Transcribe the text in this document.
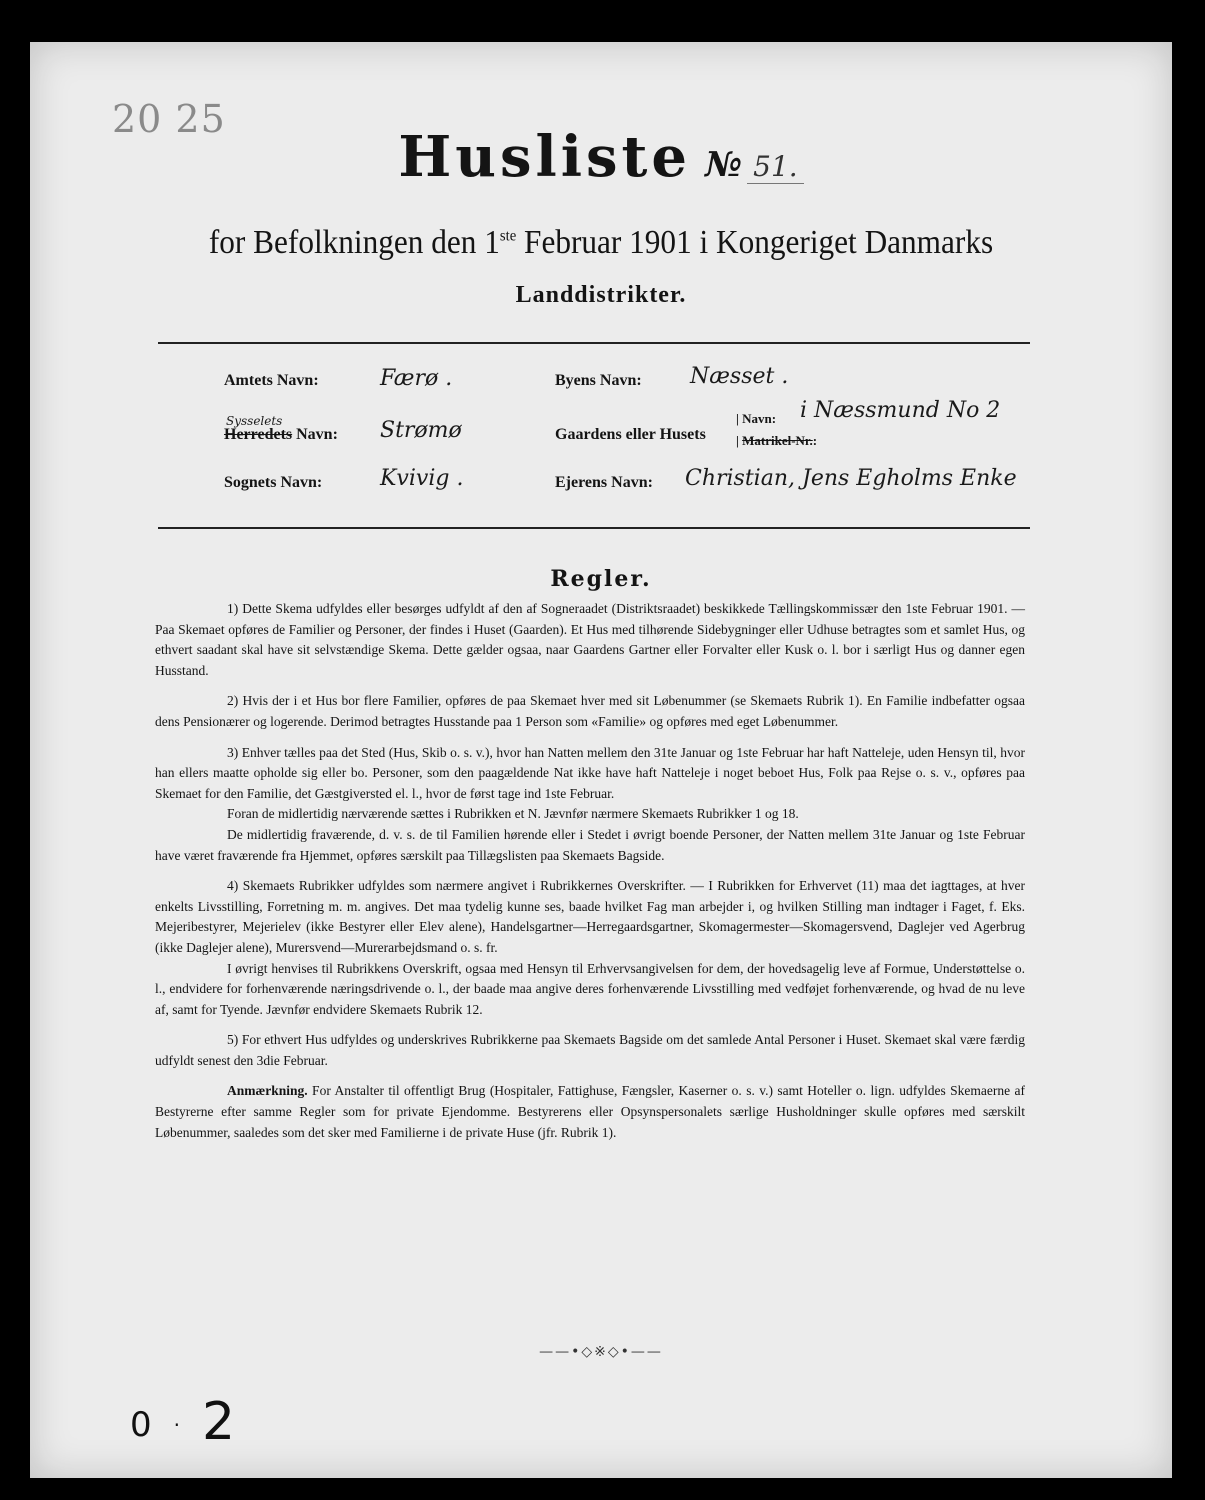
20 25
Husliste № 51.
for Befolkningen den 1ste Februar 1901 i Kongeriget Danmarks
Landdistrikter.
Amtets Navn:	Færø .
Sysselets
Herredets Navn: Strømø
Sognets Navn:	Kvivig .
Byens Navn: Næsset .
Gaardens eller Husets
| Navn:
| Matrikel-Nr.:
i Næssmund No 2
Ejerens Navn: Christian, Jens Egholms Enke
Regler.

1) Dette Skema udfyldes eller besørges udfyldt af den af Sogneraadet (Distriktsraadet) beskikkede Tællingskommissær den 1ste Februar 1901. — Paa Skemaet opføres de Familier og Personer, der findes i Huset (Gaarden). Et Hus med tilhørende Sidebygninger eller Udhuse betragtes som et samlet Hus, og ethvert saadant skal have sit selvstændige Skema. Dette gælder ogsaa, naar Gaardens Gartner eller Forvalter eller Kusk o. l. bor i særligt Hus og danner egen Husstand.

2) Hvis der i et Hus bor flere Familier, opføres de paa Skemaet hver med sit Løbenummer (se Skemaets Rubrik 1). En Familie indbefatter ogsaa dens Pensionærer og logerende. Derimod betragtes Husstande paa 1 Person som «Familie» og opføres med eget Løbenummer.

3) Enhver tælles paa det Sted (Hus, Skib o. s. v.), hvor han Natten mellem den 31te Januar og 1ste Februar har haft Natteleje, uden Hensyn til, hvor han ellers maatte opholde sig eller bo. Personer, som den paagældende Nat ikke have haft Natteleje i noget beboet Hus, Folk paa Rejse o. s. v., opføres paa Skemaet for den Familie, det Gæstgiversted el. l., hvor de først tage ind 1ste Februar.

Foran de midlertidig nærværende sættes i Rubrikken et N. Jævnfør nærmere Skemaets Rubrikker 1 og 18.

De midlertidig fraværende, d. v. s. de til Familien hørende eller i Stedet i øvrigt boende Personer, der Natten mellem 31te Januar og 1ste Februar have været fraværende fra Hjemmet, opføres særskilt paa Tillægslisten paa Skemaets Bagside.

4) Skemaets Rubrikker udfyldes som nærmere angivet i Rubrikkernes Overskrifter. — I Rubrikken for Erhvervet (11) maa det iagttages, at hver enkelts Livsstilling, Forretning m. m. angives. Det maa tydelig kunne ses, baade hvilket Fag man arbejder i, og hvilken Stilling man indtager i Faget, f. Eks. Mejeribestyrer, Mejerielev (ikke Bestyrer eller Elev alene), Handelsgartner—Herregaardsgartner, Skomagermester—Skomagersvend, Daglejer ved Agerbrug (ikke Daglejer alene), Murersvend—Murerarbejdsmand o. s. fr.

I øvrigt henvises til Rubrikkens Overskrift, ogsaa med Hensyn til Erhvervsangivelsen for dem, der hovedsagelig leve af Formue, Understøttelse o. l., endvidere for forhenværende næringsdrivende o. l., der baade maa angive deres forhenværende Livsstilling med vedføjet forhenværende, og hvad de nu leve af, samt for Tyende. Jævnfør endvidere Skemaets Rubrik 12.

5) For ethvert Hus udfyldes og underskrives Rubrikkerne paa Skemaets Bagside om det samlede Antal Personer i Huset. Skemaet skal være færdig udfyldt senest den 3die Februar.

Anmærkning. For Anstalter til offentligt Brug (Hospitaler, Fattighuse, Fængsler, Kaserner o. s. v.) samt Hoteller o. lign. udfyldes Skemaerne af Bestyrerne efter samme Regler som for private Ejendomme. Bestyrerens eller Opsynspersonalets særlige Husholdninger skulle opføres med særskilt Løbenummer, saaledes som det sker med Familierne i de private Huse (jfr. Rubrik 1).

——•◇※◇•——
0 · 2
